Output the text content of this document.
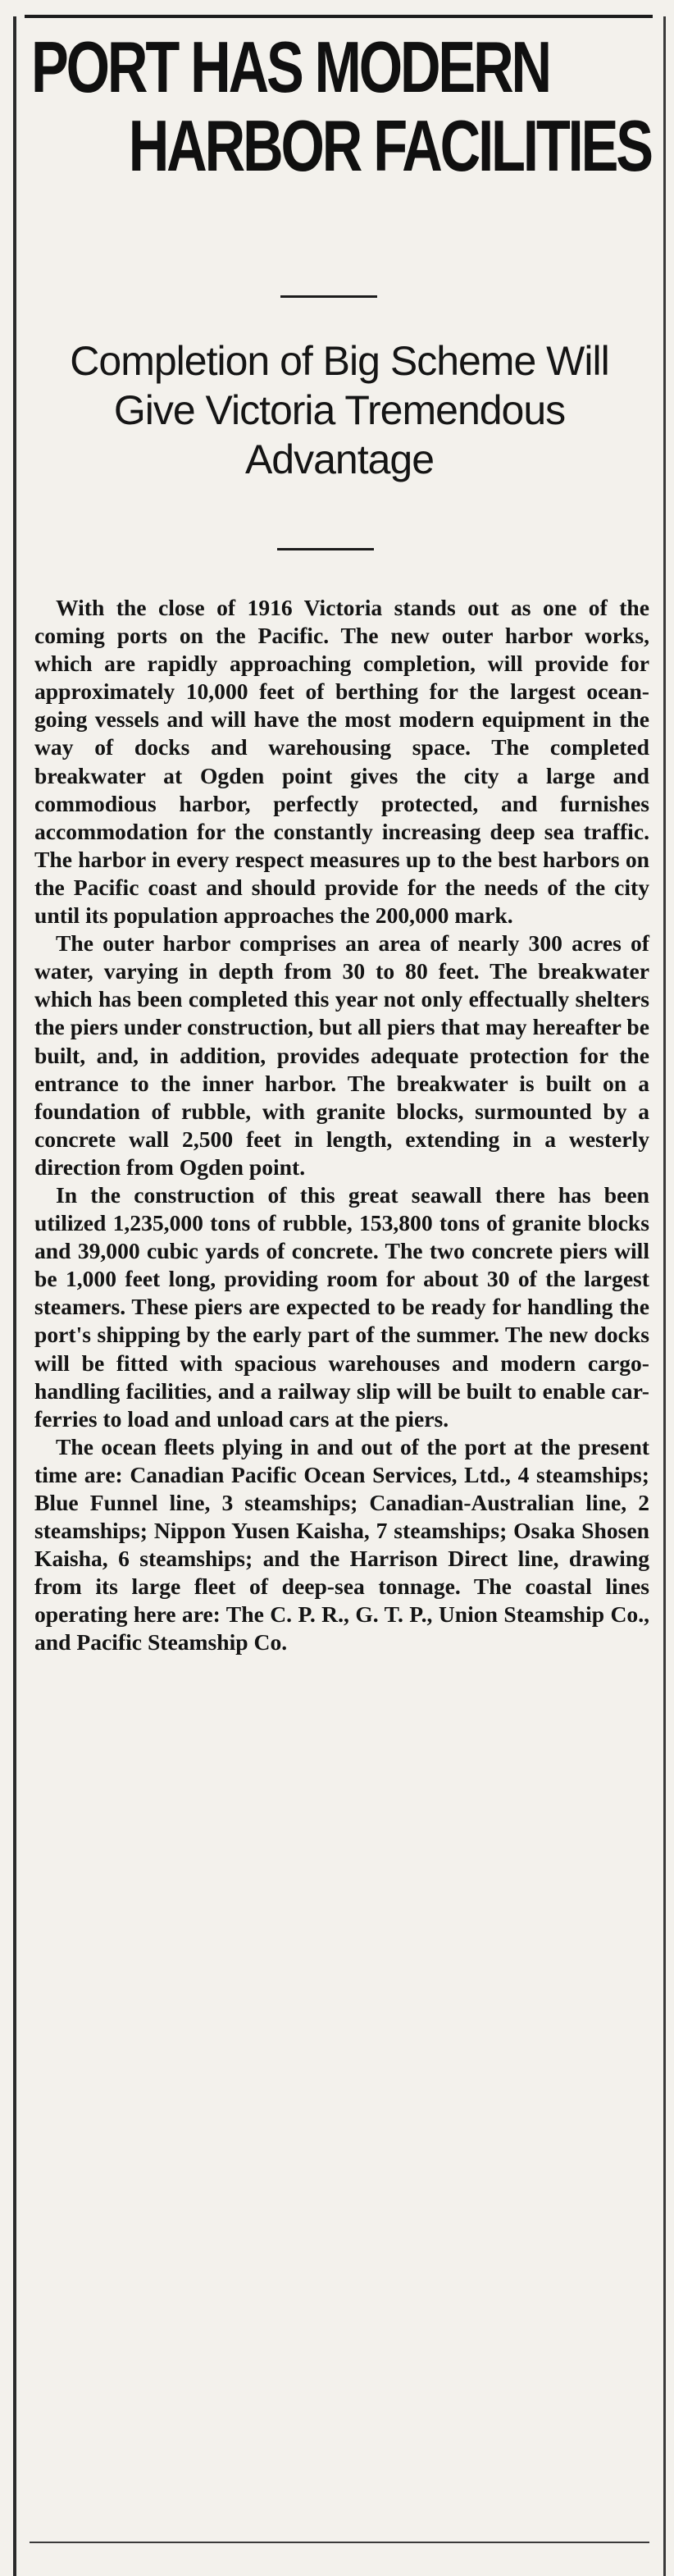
PORT HAS MODERN
HARBOR FACILITIES
Completion of Big Scheme Will Give Victoria Tremendous Advantage

With the close of 1916 Victoria stands out as one of the coming ports on the Pacific. The new outer harbor works, which are rapidly approaching completion, will provide for approximately 10,000 feet of berthing for the largest ocean-going vessels and will have the most modern equipment in the way of docks and warehousing space. The completed breakwater at Ogden point gives the city a large and commodious harbor, perfectly protected, and furnishes accommodation for the constantly increasing deep sea traffic. The harbor in every respect measures up to the best harbors on the Pacific coast and should provide for the needs of the city until its population approaches the 200,000 mark.

The outer harbor comprises an area of nearly 300 acres of water, varying in depth from 30 to 80 feet. The breakwater which has been completed this year not only effectually shelters the piers under construction, but all piers that may hereafter be built, and, in addition, provides adequate protection for the entrance to the inner harbor. The breakwater is built on a foundation of rubble, with granite blocks, surmounted by a concrete wall 2,500 feet in length, extending in a westerly direction from Ogden point.

In the construction of this great seawall there has been utilized 1,235,000 tons of rubble, 153,800 tons of granite blocks and 39,000 cubic yards of concrete. The two concrete piers will be 1,000 feet long, providing room for about 30 of the largest steamers. These piers are expected to be ready for handling the port's shipping by the early part of the summer. The new docks will be fitted with spacious warehouses and modern cargo-handling facilities, and a railway slip will be built to enable car-ferries to load and unload cars at the piers.

The ocean fleets plying in and out of the port at the present time are: Canadian Pacific Ocean Services, Ltd., 4 steamships; Blue Funnel line, 3 steamships; Canadian-Australian line, 2 steamships; Nippon Yusen Kaisha, 7 steamships; Osaka Shosen Kaisha, 6 steamships; and the Harrison Direct line, drawing from its large fleet of deep-sea tonnage. The coastal lines operating here are: The C. P. R., G. T. P., Union Steamship Co., and Pacific Steamship Co.
